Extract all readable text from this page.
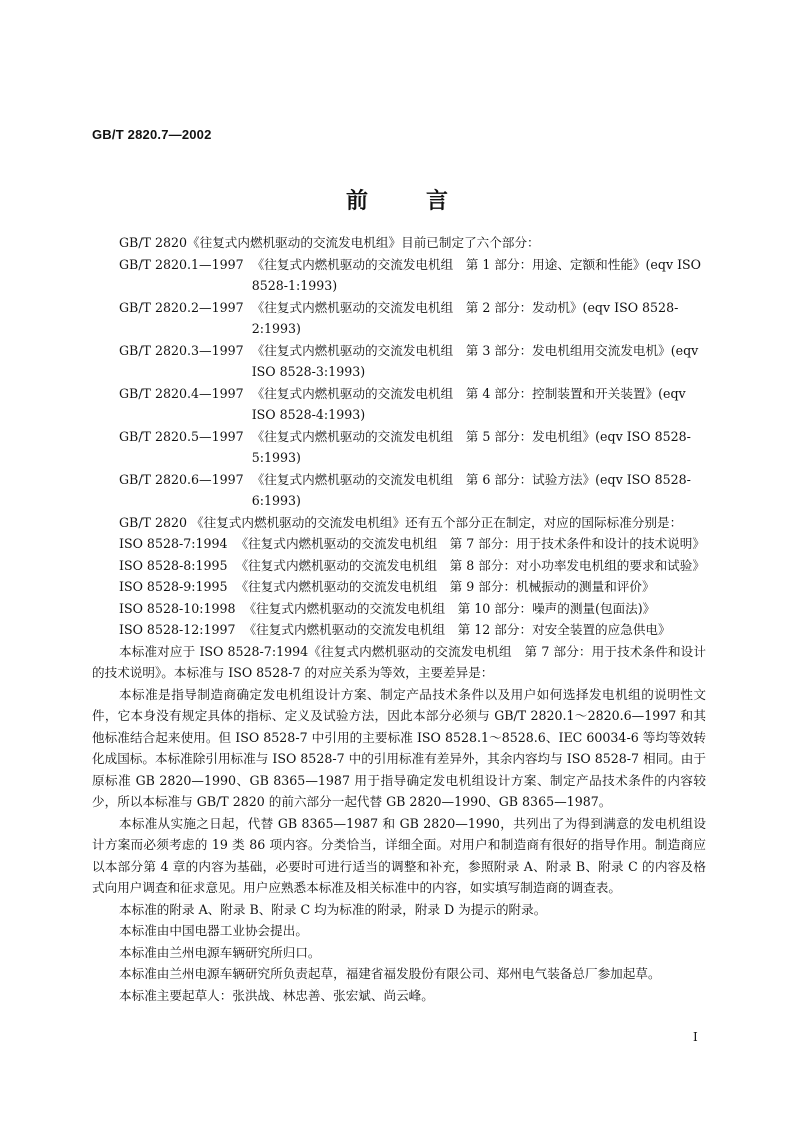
GB/T 2820.7—2002
前言

GB/T 2820《往复式内燃机驱动的交流发电机组》目前已制定了六个部分：

GB/T 2820.1—1997
《往复式内燃机驱动的交流发电机组　第 1 部分：用途、定额和性能》(eqv ISO 8528-1:1993)
GB/T 2820.2—1997
《往复式内燃机驱动的交流发电机组　第 2 部分：发动机》(eqv ISO 8528-2:1993)
GB/T 2820.3—1997
《往复式内燃机驱动的交流发电机组　第 3 部分：发电机组用交流发电机》(eqv ISO 8528-3:1993)
GB/T 2820.4—1997
《往复式内燃机驱动的交流发电机组　第 4 部分：控制装置和开关装置》(eqv ISO 8528-4:1993)
GB/T 2820.5—1997
《往复式内燃机驱动的交流发电机组　第 5 部分：发电机组》(eqv ISO 8528-5:1993)
GB/T 2820.6—1997
《往复式内燃机驱动的交流发电机组　第 6 部分：试验方法》(eqv ISO 8528-6:1993)

GB/T 2820 《往复式内燃机驱动的交流发电机组》还有五个部分正在制定，对应的国际标准分别是：

ISO 8528-7:1994
《往复式内燃机驱动的交流发电机组　第 7 部分：用于技术条件和设计的技术说明》
ISO 8528-8:1995
《往复式内燃机驱动的交流发电机组　第 8 部分：对小功率发电机组的要求和试验》
ISO 8528-9:1995
《往复式内燃机驱动的交流发电机组　第 9 部分：机械振动的测量和评价》
ISO 8528-10:1998
《往复式内燃机驱动的交流发电机组　第 10 部分：噪声的测量(包面法)》
ISO 8528-12:1997
《往复式内燃机驱动的交流发电机组　第 12 部分：对安全装置的应急供电》

本标准对应于 ISO 8528-7:1994《往复式内燃机驱动的交流发电机组　第 7 部分：用于技术条件和设计的技术说明》。本标准与 ISO 8528-7 的对应关系为等效，主要差异是：

本标准是指导制造商确定发电机组设计方案、制定产品技术条件以及用户如何选择发电机组的说明性文件，它本身没有规定具体的指标、定义及试验方法，因此本部分必须与 GB/T 2820.1～2820.6—1997 和其他标准结合起来使用。但 ISO 8528-7 中引用的主要标准 ISO 8528.1～8528.6、IEC 60034-6 等均等效转化成国标。本标准除引用标准与 ISO 8528-7 中的引用标准有差异外，其余内容均与 ISO 8528-7 相同。由于原标准 GB 2820—1990、GB 8365—1987 用于指导确定发电机组设计方案、制定产品技术条件的内容较少，所以本标准与 GB/T 2820 的前六部分一起代替 GB 2820—1990、GB 8365—1987。

本标准从实施之日起，代替 GB 8365—1987 和 GB 2820—1990，共列出了为得到满意的发电机组设计方案而必须考虑的 19 类 86 项内容。分类恰当，详细全面。对用户和制造商有很好的指导作用。制造商应以本部分第 4 章的内容为基础，必要时可进行适当的调整和补充，参照附录 A、附录 B、附录 C 的内容及格式向用户调查和征求意见。用户应熟悉本标准及相关标准中的内容，如实填写制造商的调查表。

本标准的附录 A、附录 B、附录 C 均为标准的附录，附录 D 为提示的附录。

本标准由中国电器工业协会提出。

本标准由兰州电源车辆研究所归口。

本标准由兰州电源车辆研究所负责起草，福建省福发股份有限公司、郑州电气装备总厂参加起草。

本标准主要起草人：张洪战、林忠善、张宏斌、尚云峰。

I
